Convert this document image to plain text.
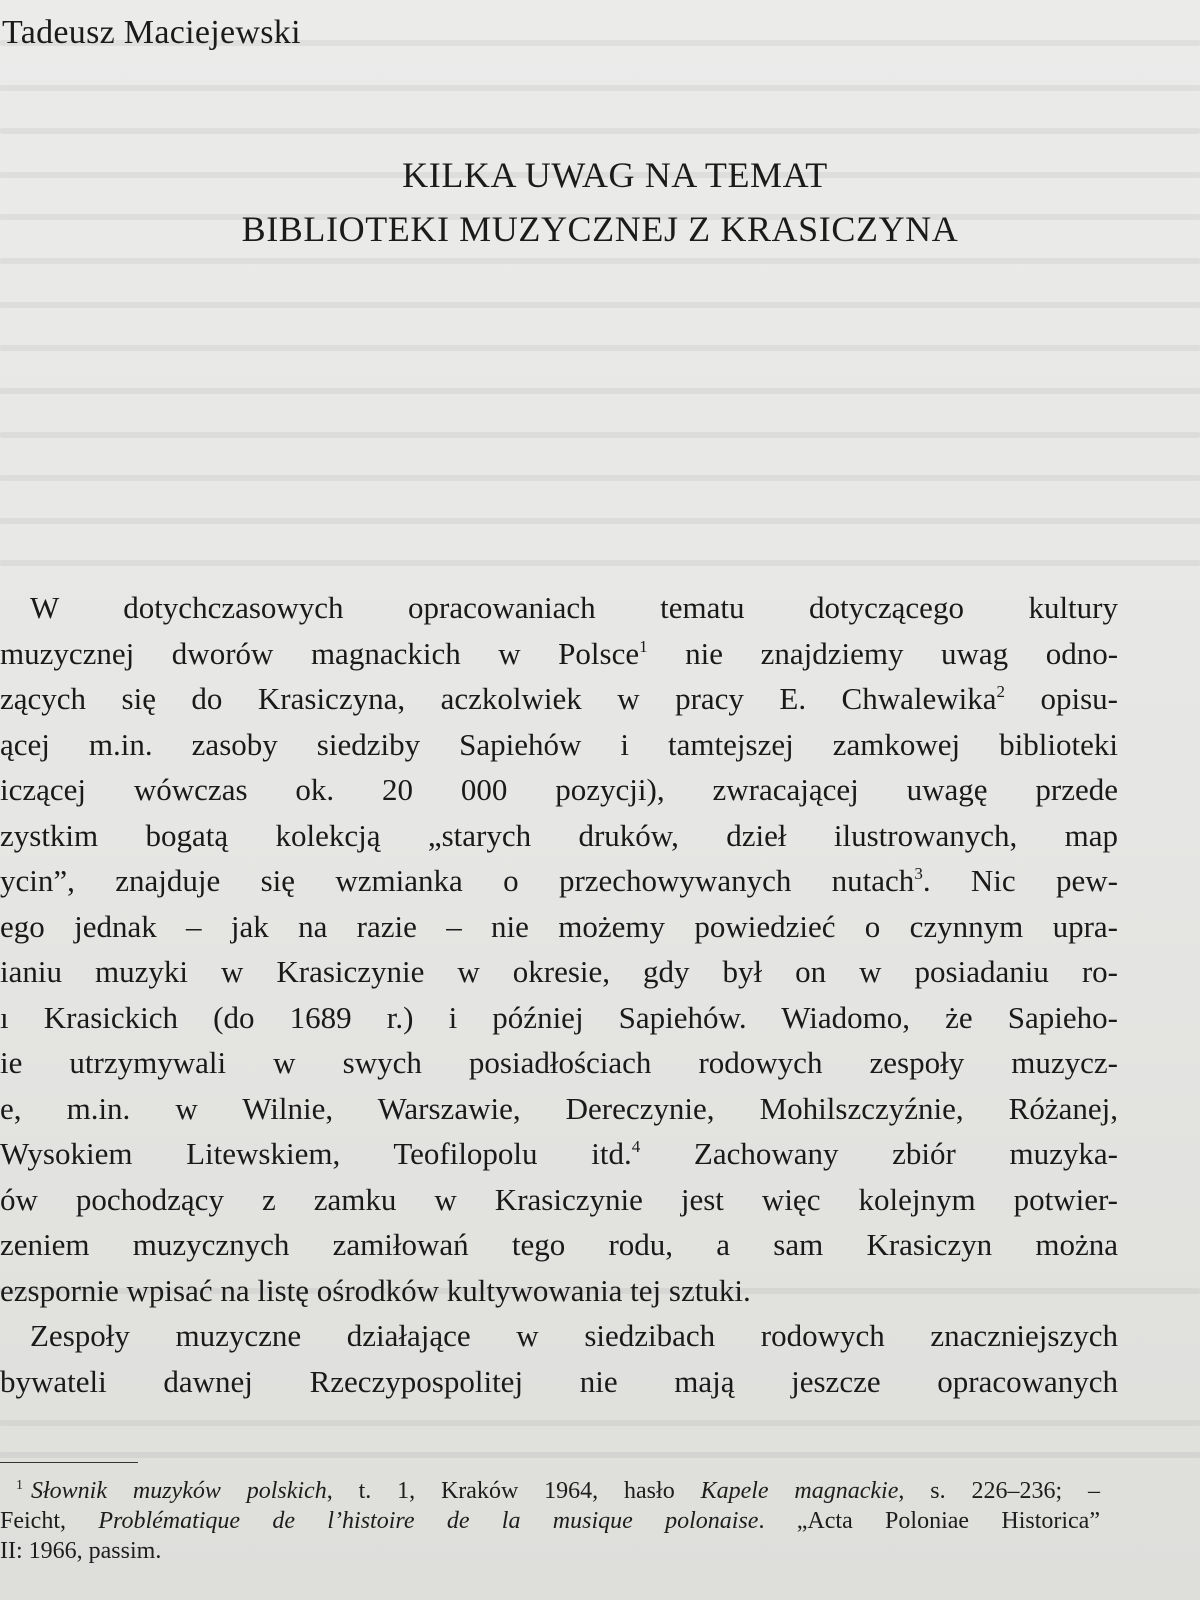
Tadeusz Maciejewski
KILKA UWAG NA TEMAT
BIBLIOTEKI MUZYCZNEJ Z KRASICZYNA
W dotychczasowych opracowaniach tematu dotyczącego kultury
muzycznej dworów magnackich w Polsce$^1$ nie znajdziemy uwag odno-
zących się do Krasiczyna, aczkolwiek w pracy E. Chwalewika$^2$ opisu-
ącej m.in. zasoby siedziby Sapiehów i tamtejszej zamkowej biblioteki
iczącej wówczas ok. 20 000 pozycji), zwracającej uwagę przede
zystkim bogatą kolekcją „starych druków, dzieł ilustrowanych, map
ycin”, znajduje się wzmianka o przechowywanych nutach$^3$. Nic pew-
ego jednak – jak na razie – nie możemy powiedzieć o czynnym upra-
ianiu muzyki w Krasiczynie w okresie, gdy był on w posiadaniu ro-
ı Krasickich (do 1689 r.) i później Sapiehów. Wiadomo, że Sapieho-
ie utrzymywali w swych posiadłościach rodowych zespoły muzycz-
e, m.in. w Wilnie, Warszawie, Dereczynie, Mohilszczyźnie, Różanej,
Wysokiem Litewskiem, Teofilopolu itd.$^4$ Zachowany zbiór muzyka-
ów pochodzący z zamku w Krasiczynie jest więc kolejnym potwier-
zeniem muzycznych zamiłowań tego rodu, a sam Krasiczyn można
ezspornie wpisać na listę ośrodków kultywowania tej sztuki.
Zespoły muzyczne działające w siedzibach rodowych znaczniejszych
bywateli dawnej Rzeczypospolitej nie mają jeszcze opracowanych
$^1$ Słownik muzyków polskich, t. 1, Kraków 1964, hasło Kapele magnackie, s. 226–236; –
Feicht, Problématique de l’histoire de la musique polonaise. „Acta Poloniae Historica”
II: 1966, passim.
